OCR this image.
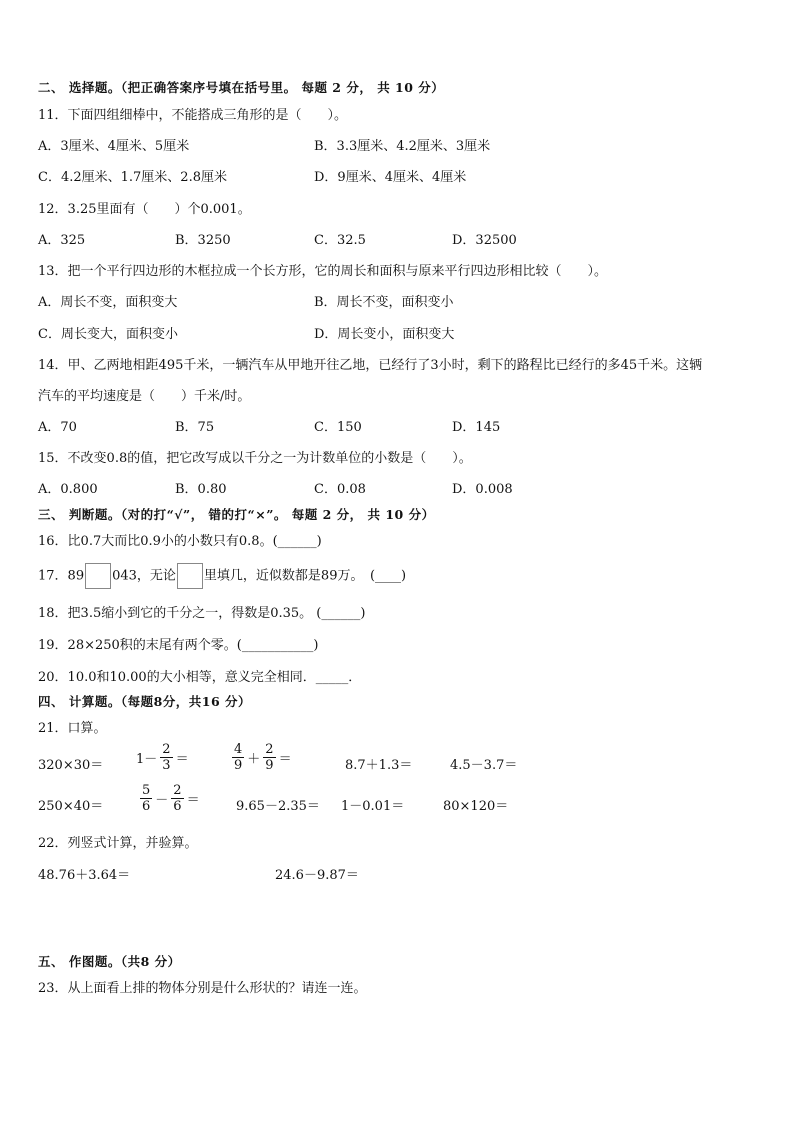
二、 选择题。（把正确答案序号填在括号里。 每题 2 分， 共 10 分）
11．下面四组细棒中，不能搭成三角形的是（　　）。
A．3厘米、4厘米、5厘米	B．3.3厘米、4.2厘米、3厘米
C．4.2厘米、1.7厘米、2.8厘米	D．9厘米、4厘米、4厘米
12．3.25里面有（　　）个0.001。
A．325	B．3250	C．32.5	D．32500
13．把一个平行四边形的木框拉成一个长方形，它的周长和面积与原来平行四边形相比较（　　）。
A．周长不变，面积变大	B．周长不变，面积变小
C．周长变大，面积变小	D．周长变小，面积变大
14．甲、乙两地相距495千米，一辆汽车从甲地开往乙地，已经行了3小时，剩下的路程比已经行的多45千米。这辆
汽车的平均速度是（　　）千米/时。
A．70	B．75	C．150	D．145
15．不改变0.8的值，把它改写成以千分之一为计数单位的小数是（　　）。
A．0.800	B．0.80	C．0.08	D．0.008
三、 判断题。（对的打“√”， 错的打“×”。 每题 2 分， 共 10 分）
16．比0.7大而比0.9小的小数只有0.8。(______)
17．89 043，无论 里填几，近似数都是89万。　(____)
18．把3.5缩小到它的千分之一，得数是0.35。 (______)
19．28×250积的末尾有两个零。(___________)
20．10.0和10.00的大小相等，意义完全相同．_____．
四、 计算题。（每题8分，共16 分）
21．口算。
320×30＝	$1- \frac{2}{3}$ ＝	$\frac{4}{9} + \frac{2}{9}$ ＝	8.7＋1.3＝	4.5－3.7＝
250×40＝	$\frac{5}{6} - \frac{2}{6}$ ＝	9.65－2.35＝ 1－0.01＝	80×120＝
22．列竖式计算，并验算。
48.76＋3.64＝	24.6－9.87＝
五、 作图题。（共8 分）
23．从上面看上排的物体分别是什么形状的？请连一连。
